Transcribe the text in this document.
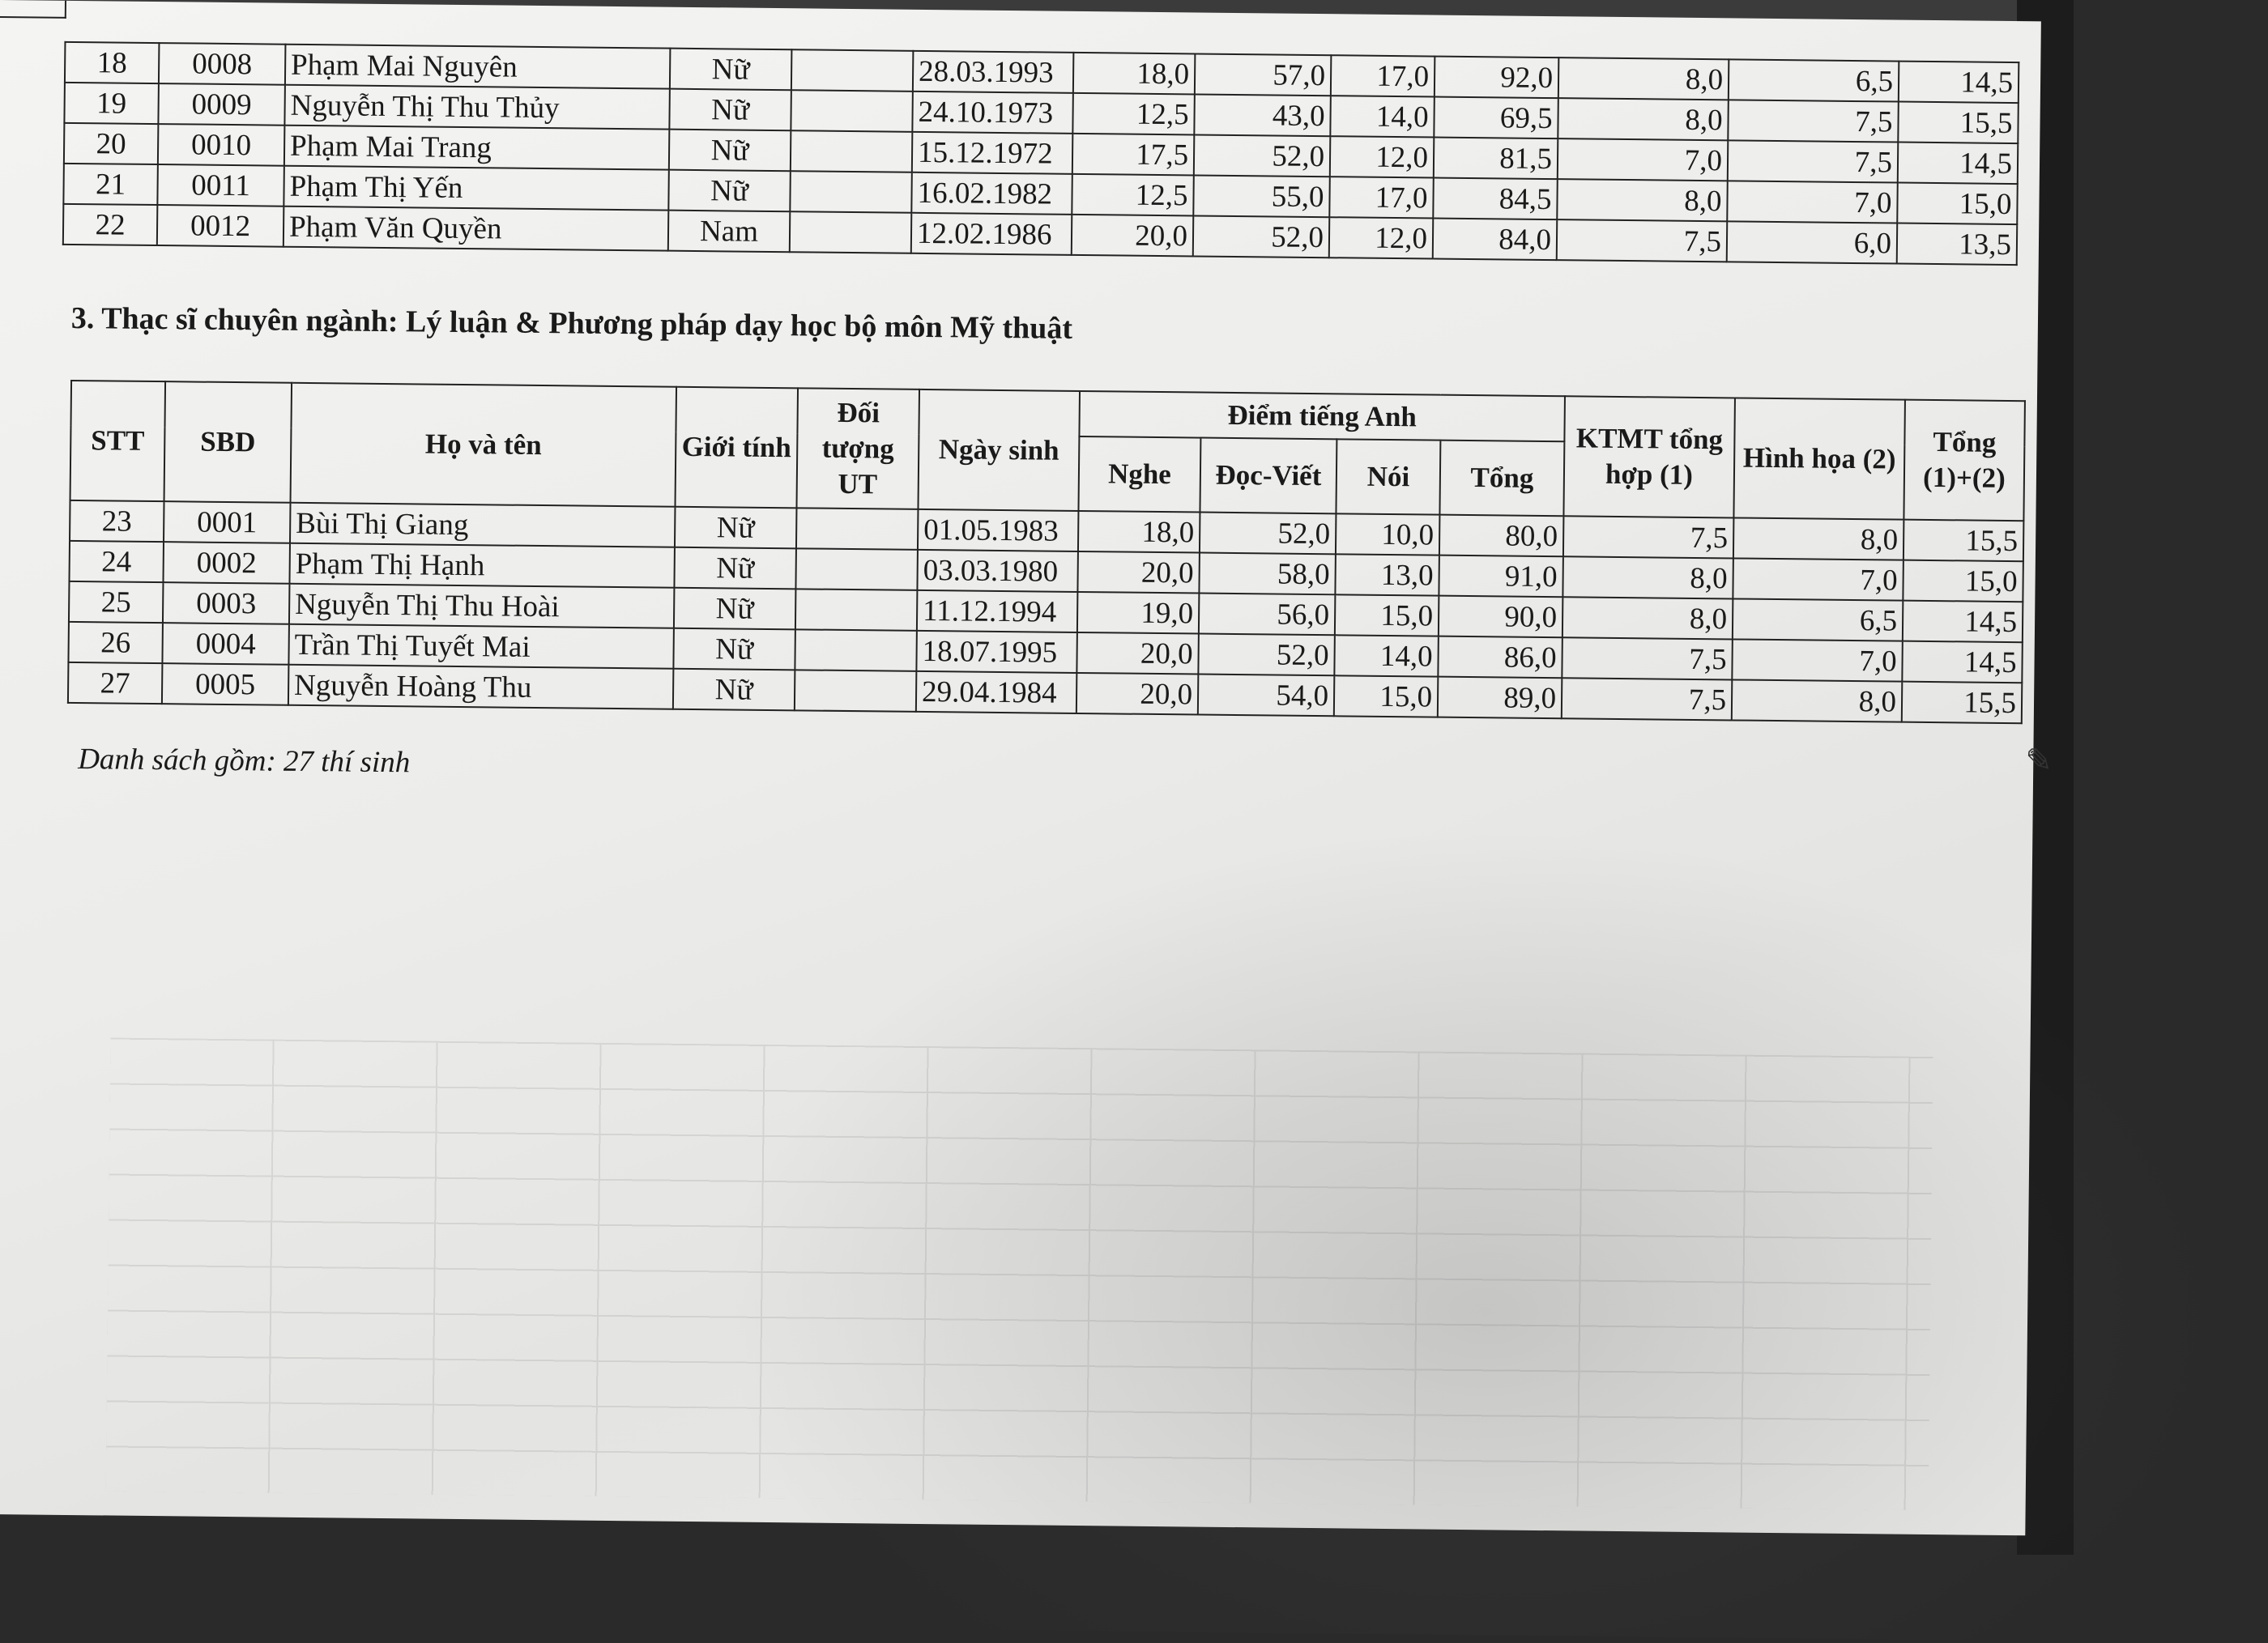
18	0008	Phạm Mai Nguyên	Nữ		28.03.1993	18,0	57,0	17,0	92,0	8,0	6,5	14,5
19	0009	Nguyễn Thị Thu Thủy	Nữ		24.10.1973	12,5	43,0	14,0	69,5	8,0	7,5	15,5
20	0010	Phạm Mai Trang	Nữ		15.12.1972	17,5	52,0	12,0	81,5	7,0	7,5	14,5
21	0011	Phạm Thị Yến	Nữ		16.02.1982	12,5	55,0	17,0	84,5	8,0	7,0	15,0
22	0012	Phạm Văn Quyền	Nam		12.02.1986	20,0	52,0	12,0	84,0	7,5	6,0	13,5
3. Thạc sĩ chuyên ngành: Lý luận & Phương pháp dạy học bộ môn Mỹ thuật
STT	SBD	Họ và tên	Giới tính	Đối tượng UT	Ngày sinh	Điểm tiếng Anh				KTMT tổng hợp (1)	Hình họa (2)	Tổng (1)+(2)
						Nghe	Đọc-Viết	Nói	Tổng			
23	0001	Bùi Thị Giang	Nữ		01.05.1983	18,0	52,0	10,0	80,0	7,5	8,0	15,5
24	0002	Phạm Thị Hạnh	Nữ		03.03.1980	20,0	58,0	13,0	91,0	8,0	7,0	15,0
25	0003	Nguyễn Thị Thu Hoài	Nữ		11.12.1994	19,0	56,0	15,0	90,0	8,0	6,5	14,5
26	0004	Trần Thị Tuyết Mai	Nữ		18.07.1995	20,0	52,0	14,0	86,0	7,5	7,0	14,5
27	0005	Nguyễn Hoàng Thu	Nữ		29.04.1984	20,0	54,0	15,0	89,0	7,5	8,0	15,5
Danh sách gồm: 27 thí sinh	✎
